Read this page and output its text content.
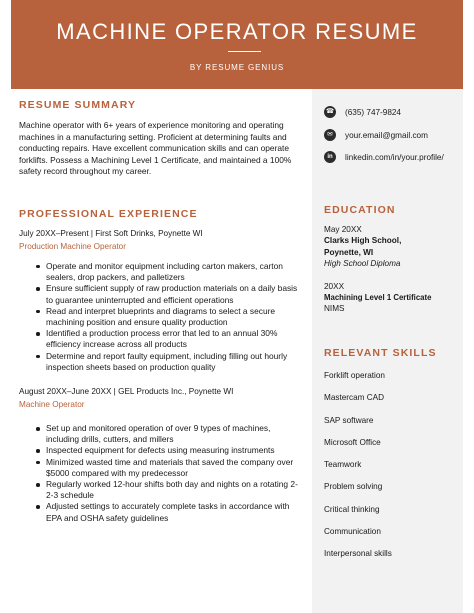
MACHINE OPERATOR RESUME
BY RESUME GENIUS
RESUME SUMMARY
Machine operator with 6+ years of experience monitoring and operating machines in a manufacturing setting. Proficient at determining faults and conducting repairs. Have excellent communication skills and can operate forklifts. Possess a Machining Level 1 Certificate, and maintained a 100% safety record throughout my career.
PROFESSIONAL EXPERIENCE
July 20XX–Present | First Soft Drinks, Poynette WI
Production Machine Operator
Operate and monitor equipment including carton makers, carton sealers, drop packers, and palletizers
Ensure sufficient supply of raw production materials on a daily basis to guarantee uninterrupted and efficient operations
Read and interpret blueprints and diagrams to select a secure machining position and ensure quality production
Identified a production process error that led to an annual 30% efficiency increase across all products
Determine and report faulty equipment, including filling out hourly inspection sheets based on production quality
August 20XX–June 20XX | GEL Products Inc., Poynette WI
Machine Operator
Set up and monitored operation of over 9 types of machines, including drills, cutters, and millers
Inspected equipment for defects using measuring instruments
Minimized wasted time and materials that saved the company over $5000 compared with my predecessor
Regularly worked 12-hour shifts both day and nights on a rotating 2-2-3 schedule
Adjusted settings to accurately complete tasks in accordance with EPA and OSHA safety guidelines
☎ (635) 747-9824
✉	your.email@gmail.com
in	linkedin.com/in/your.profile/
EDUCATION
May 20XX
Clarks High School,
Poynette, WI
High School Diploma
20XX
Machining Level 1 Certificate
NIMS
RELEVANT SKILLS
Forklift operation
Mastercam CAD
SAP software
Microsoft Office
Teamwork
Problem solving
Critical thinking
Communication
Interpersonal skills
